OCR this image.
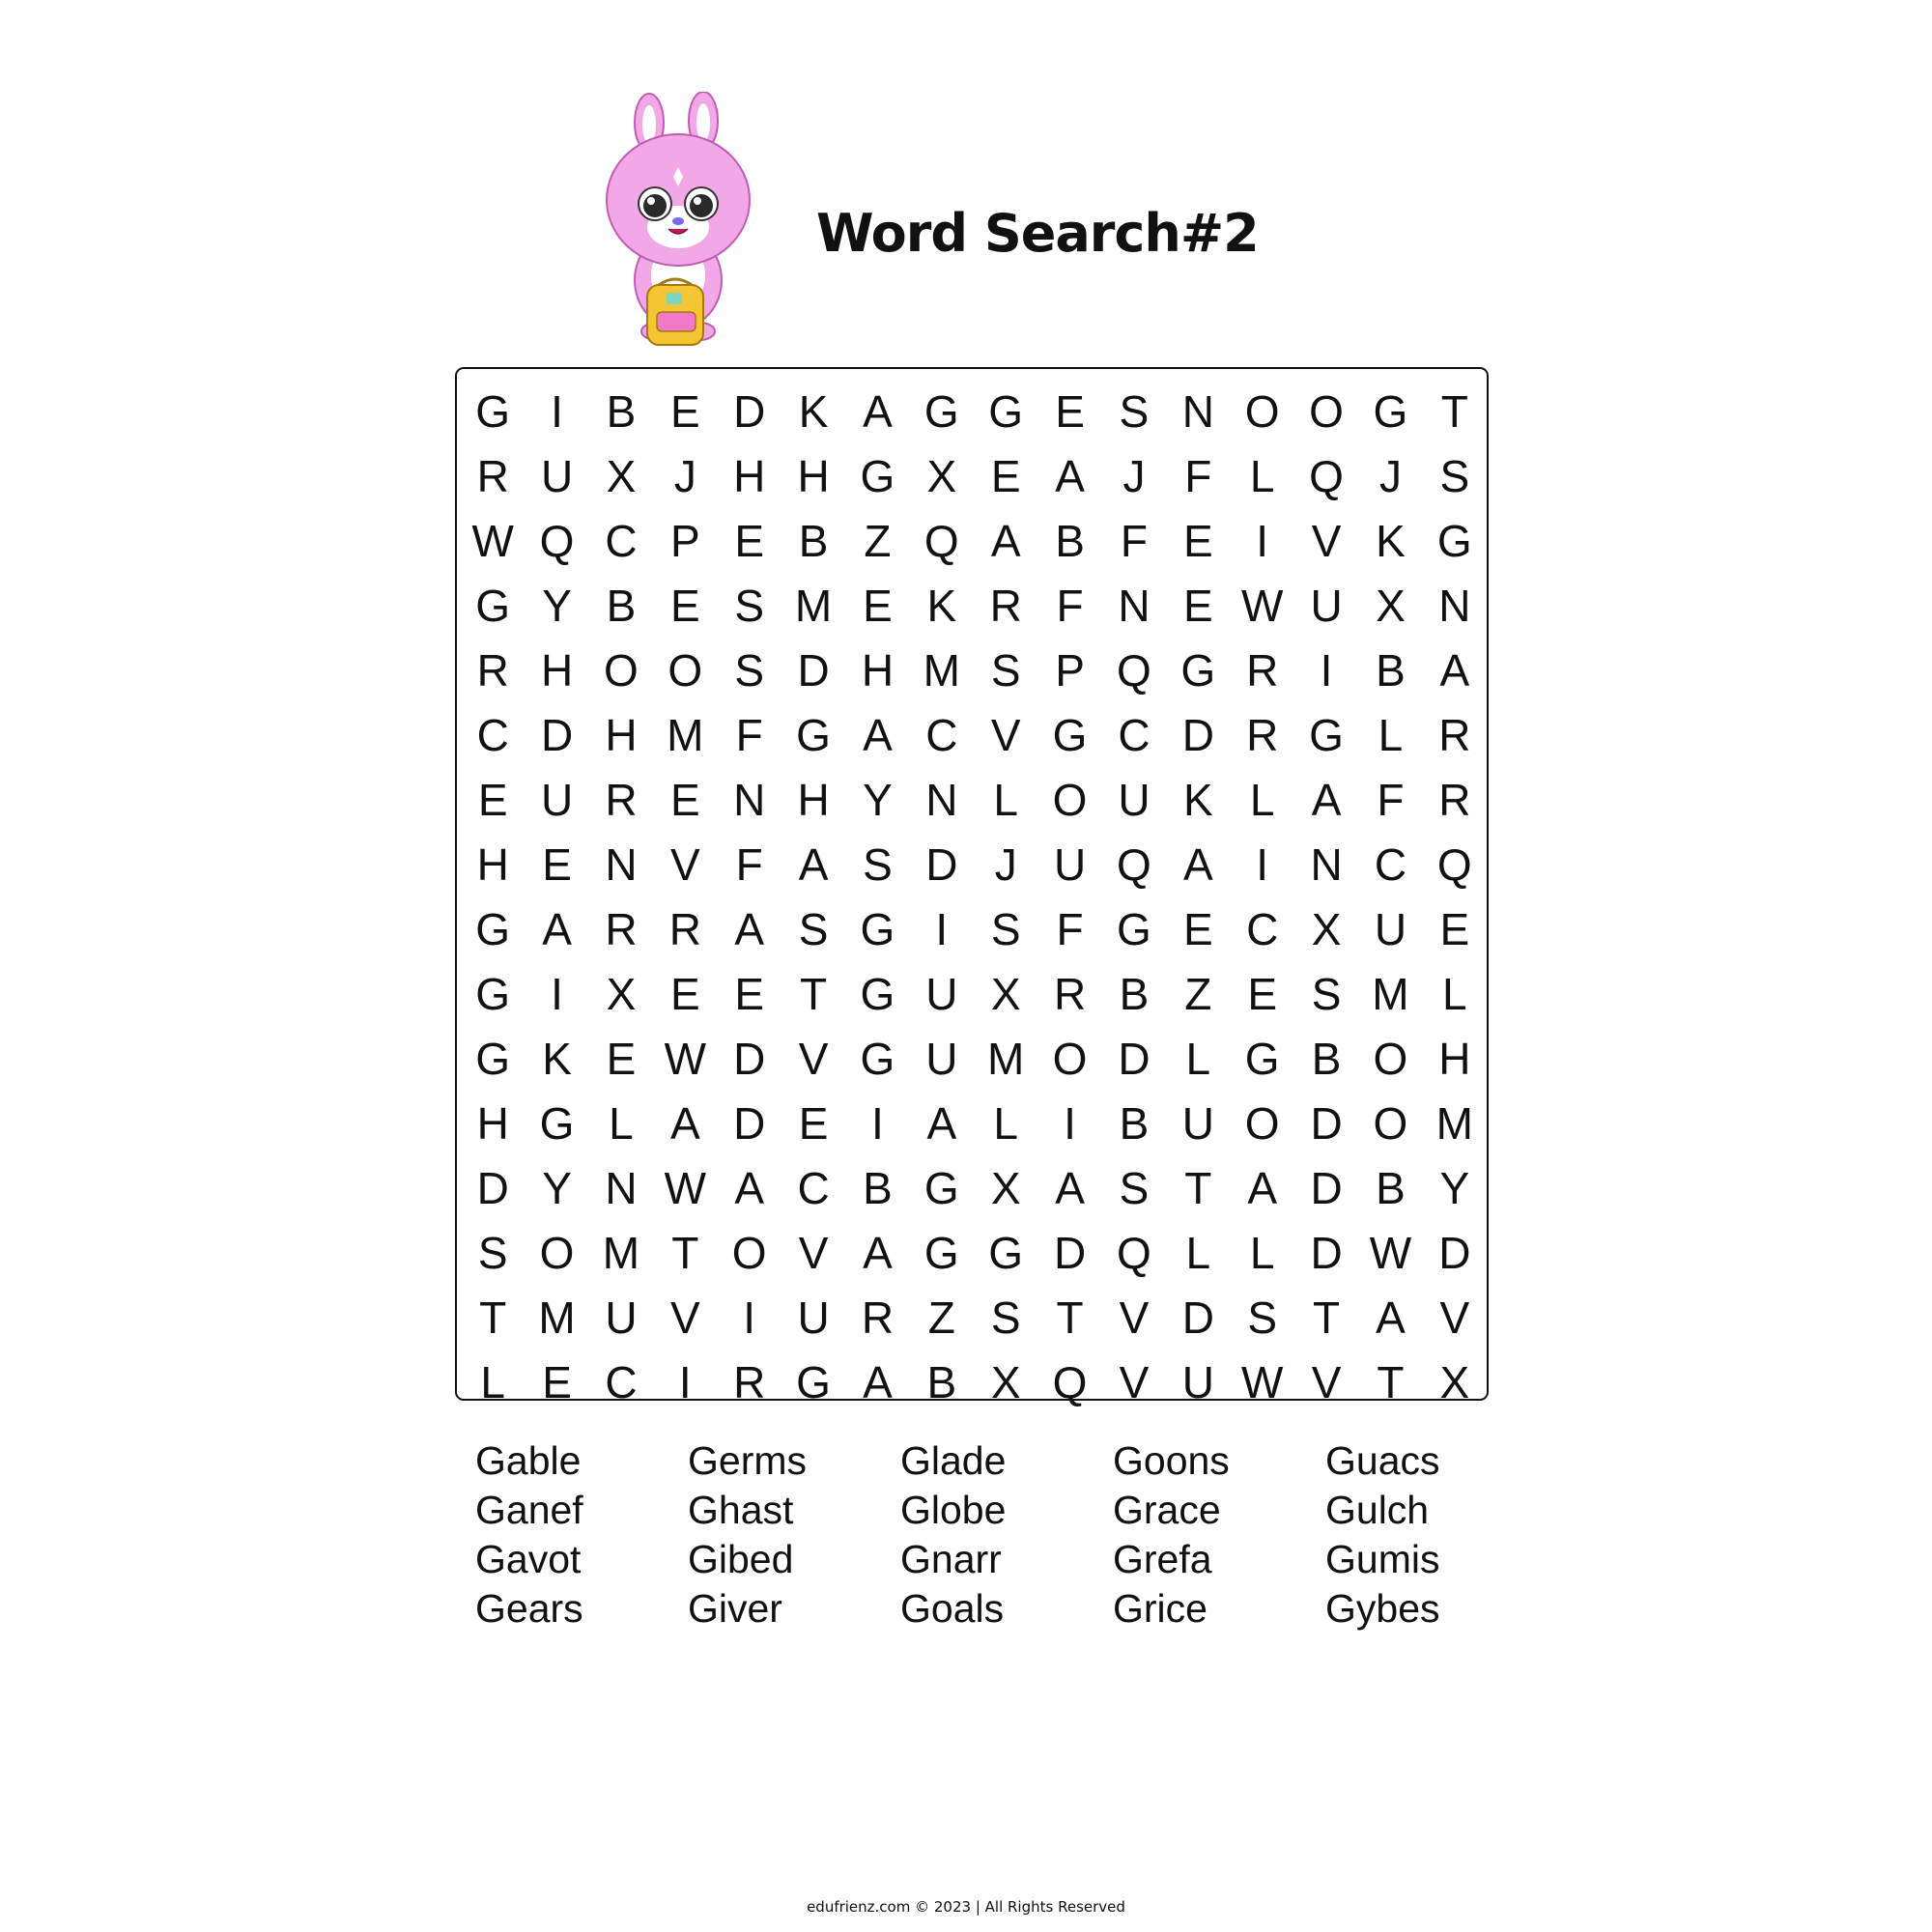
Word Search#2
G I B E D K A G G E S N O O G T
R U X J H H G X E A J F L Q J S
W Q C P E B Z Q A B F E I V K G
G Y B E S M E K R F N E W U X N
R H O O S D H M S P Q G R I B A
C D H M F G A C V G C D R G L R
E U R E N H Y N L O U K L A F R
H E N V F A S D J U Q A I N C Q
G A R R A S G I S F G E C X U E
G I X E E T G U X R B Z E S M L
G K E W D V G U M O D L G B O H
H G L A D E I A L	I B U O D O M
D Y N W A C B G X A S T A D B Y
S O M T O V A G G D Q L L D W D
T M U V I U R Z S T V D S T A V
L E C I R G A B X Q V U W V T X
Gable
Ganef
Gavot
Gears
Germs
Ghast
Gibed
Giver
Glade
Globe
Gnarr
Goals
Goons
Grace
Grefa
Grice
Guacs
Gulch
Gumis
Gybes
edufrienz.com © 2023 | All Rights Reserved
